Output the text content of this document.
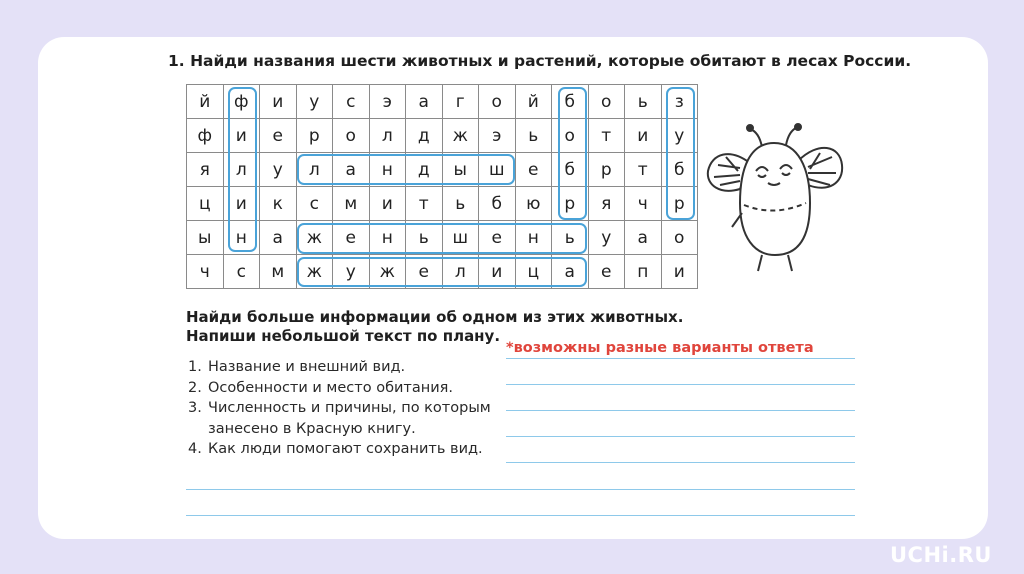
1. Найди названия шести животных и растений, которые обитают в лесах России.
й	ф	и	у	с	э	а	г	о	й	б	о	ь	з
ф	и	е	р	о	л	д	ж	э	ь	о	т	и	у
я	л	у	л	а	н	д	ы	ш	е	б	р	т	б
ц	и	к	с	м	и	т	ь	б	ю	р	я	ч	р
ы	н	а	ж	е	н	ь	ш	е	н	ь	у	а	о
ч	с	м	ж	у	ж	е	л	и	ц	а	е	п	и
Найди больше информации об одном из этих животных.
Напиши небольшой текст по плану.
1. Название и внешний вид.
2. Особенности и место обитания.
3. Численность и причины, по которым
занесено в Красную книгу.
4. Как люди помогают сохранить вид.
*возможны разные варианты ответа
UCHi.RU
